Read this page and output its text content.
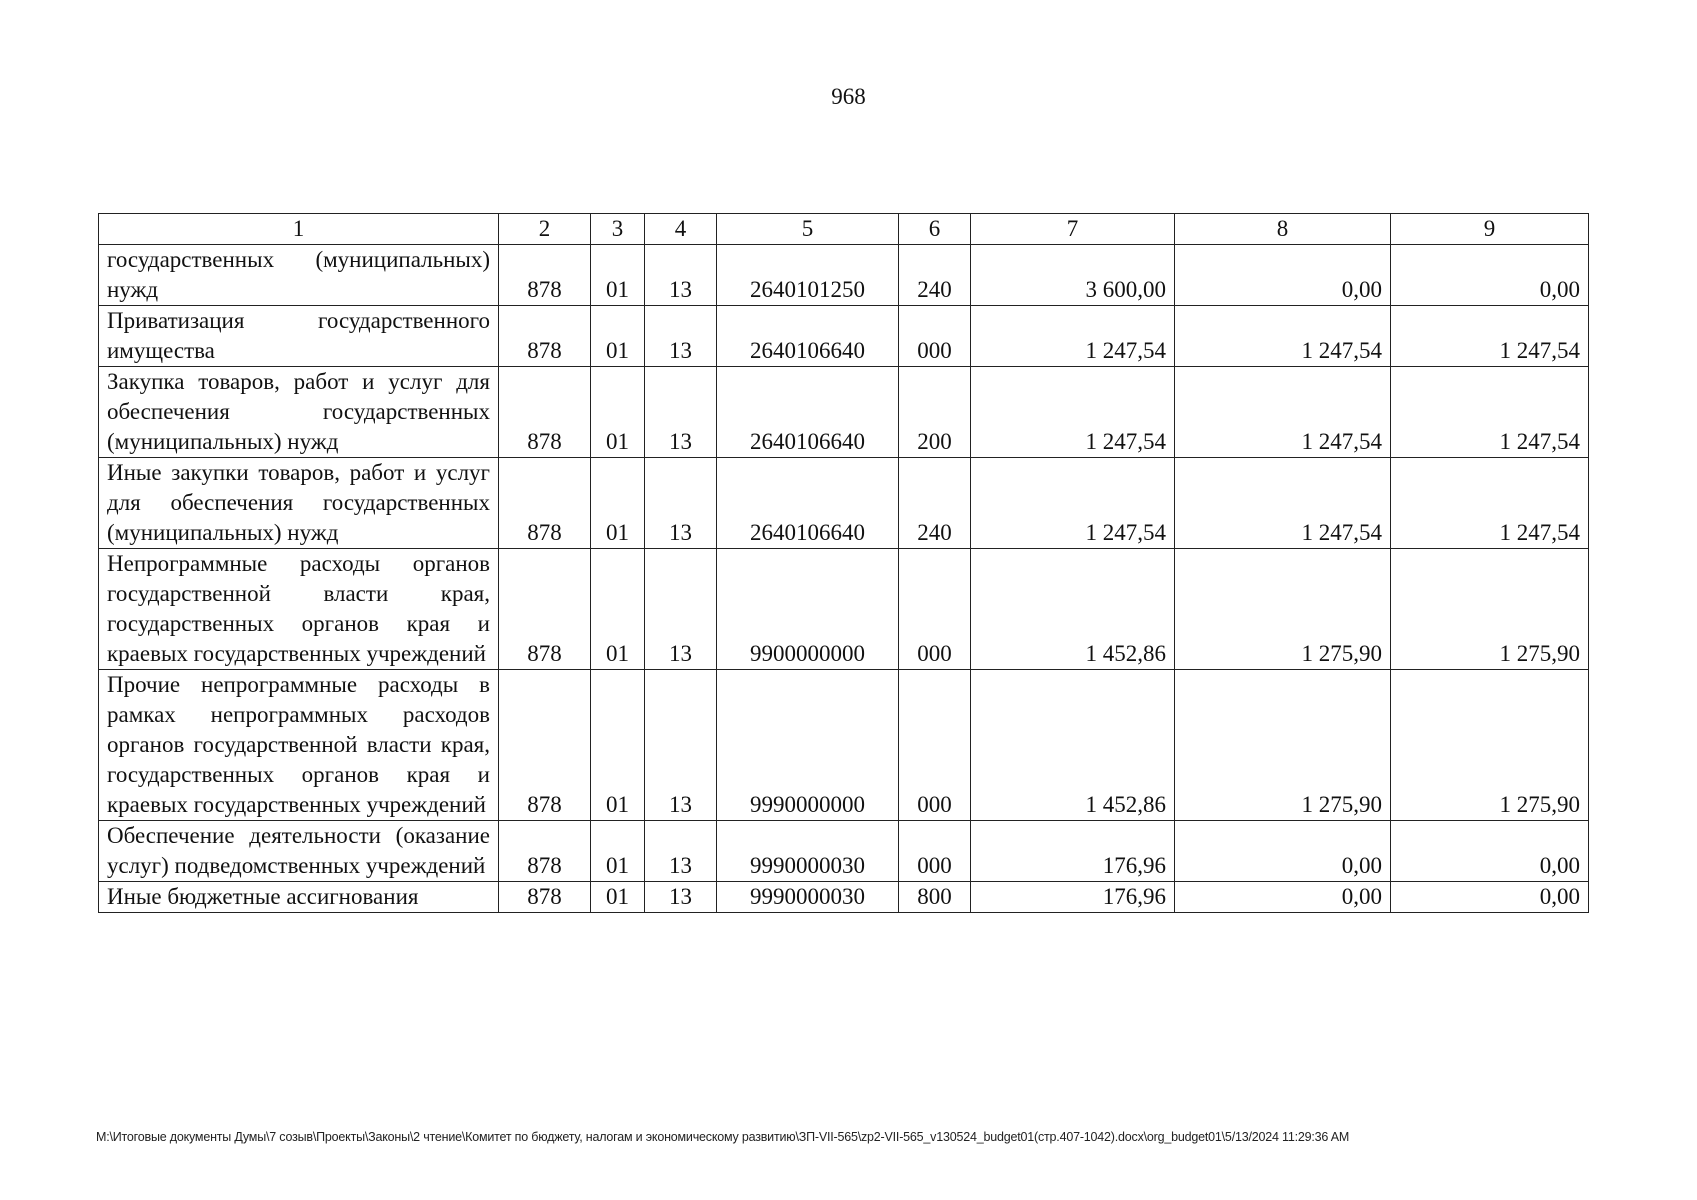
968
1	2	3	4	5	6	7	8	9
государственных (муниципальных) нужд	878	01	13	2640101250	240	3 600,00	0,00	0,00
Приватизация государственного имущества	878	01	13	2640106640	000	1 247,54	1 247,54	1 247,54
Закупка товаров, работ и услуг для обеспечения государственных (муниципальных) нужд	878	01	13	2640106640	200	1 247,54	1 247,54	1 247,54
Иные закупки товаров, работ и услуг для обеспечения государственных (муниципальных) нужд	878	01	13	2640106640	240	1 247,54	1 247,54	1 247,54
Непрограммные расходы органов государственной власти края, государственных органов края и краевых государственных учреждений	878	01	13	9900000000	000	1 452,86	1 275,90	1 275,90
Прочие непрограммные расходы в рамках непрограммных расходов органов государственной власти края, государственных органов края и краевых государственных учреждений	878	01	13	9990000000	000	1 452,86	1 275,90	1 275,90
Обеспечение деятельности (оказание услуг) подведомственных учреждений	878	01	13	9990000030	000	176,96	0,00	0,00
Иные бюджетные ассигнования	878	01	13	9990000030	800	176,96	0,00	0,00
M:\Итоговые документы Думы\7 созыв\Проекты\Законы\2 чтение\Комитет по бюджету, налогам и экономическому развитию\ЗП-VII-565\zp2-VII-565_v130524_budget01(стр.407-1042).docx\org_budget01\5/13/2024 11:29:36 AM
